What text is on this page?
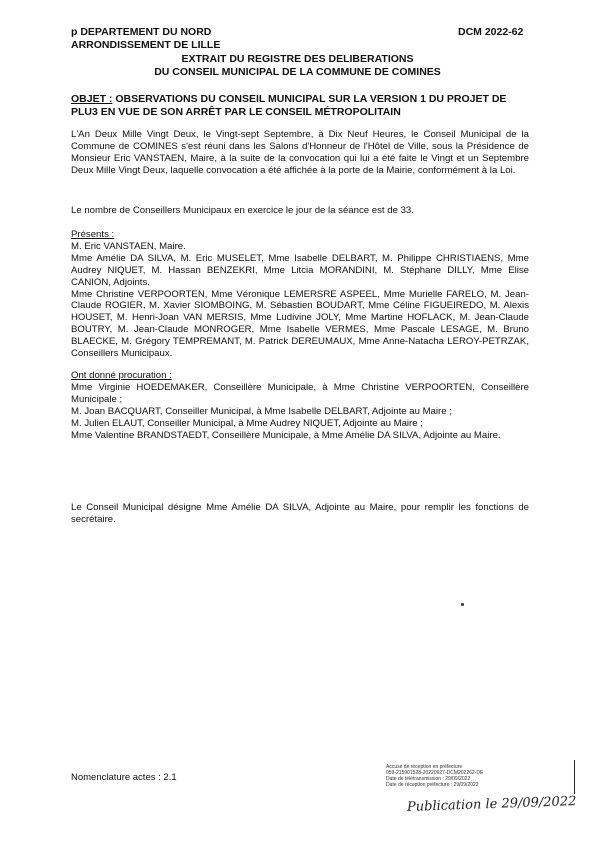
p DEPARTEMENT DU NORD
ARRONDISSEMENT DE LILLE
DCM 2022-62
EXTRAIT DU REGISTRE DES DELIBERATIONS
DU CONSEIL MUNICIPAL DE LA COMMUNE DE COMINES
OBJET : OBSERVATIONS DU CONSEIL MUNICIPAL SUR LA VERSION 1 DU PROJET DE PLU3 EN VUE DE SON ARRÊT PAR LE CONSEIL MÉTROPOLITAIN
L'An Deux Mille Vingt Deux, le Vingt-sept Septembre, à Dix Neuf Heures, le Conseil Municipal de la Commune de COMINES s'est réuni dans les Salons d'Honneur de l'Hôtel de Ville, sous la Présidence de Monsieur Eric VANSTAEN, Maire, à la suite de la convocation qui lui a été faite le Vingt et un Septembre Deux Mille Vingt Deux, laquelle convocation a été affichée à la porte de la Mairie, conformément à la Loi.
Le nombre de Conseillers Municipaux en exercice le jour de la séance est de 33.
Présents :
M. Eric VANSTAEN, Maire.
Mme Amélie DA SILVA, M. Eric MUSELET, Mme Isabelle DELBART, M. Philippe CHRISTIAENS, Mme Audrey NIQUET, M. Hassan BENZEKRI, Mme Litcia MORANDINI, M. Stéphane DILLY, Mme Elise CANION, Adjoints.
Mme Christine VERPOORTEN, Mme Véronique LEMERSRE ASPEEL, Mme Murielle FARELO, M. Jean-Claude ROGIER, M. Xavier SIOMBOING, M. Sébastien BOUDART, Mme Céline FIGUEIREDO, M. Alexis HOUSET, M. Henri-Joan VAN MERSIS, Mme Ludivine JOLY, Mme Martine HOFLACK, M. Jean-Claude BOUTRY, M. Jean-Claude MONROGER, Mme Isabelle VERMES, Mme Pascale LESAGE, M. Bruno BLAECKE, M. Grégory TEMPREMANT, M. Patrick DEREUMAUX, Mme Anne-Natacha LEROY-PETRZAK, Conseillers Municipaux.
Ont donné procuration :
Mme Virginie HOEDEMAKER, Conseillère Municipale, à Mme Christine VERPOORTEN, Conseillère Municipale ;
M. Joan BACQUART, Conseiller Municipal, à Mme Isabelle DELBART, Adjointe au Maire ;
M. Julien ELAUT, Conseiller Municipal, à Mme Audrey NIQUET, Adjointe au Maire ;
Mme Valentine BRANDSTAEDT, Conseillère Municipale, à Mme Amélie DA SILVA, Adjointe au Maire.
Le Conseil Municipal désigne Mme Amélie DA SILVA, Adjointe au Maire, pour remplir les fonctions de secrétaire.
Nomenclature actes : 2.1
Accusé de réception en préfecture
059-215901528-20220927-DCM202262-DE
Date de télétransmission : 29/09/2022
Date de réception préfecture : 29/09/2022
Publication le 29/09/2022
